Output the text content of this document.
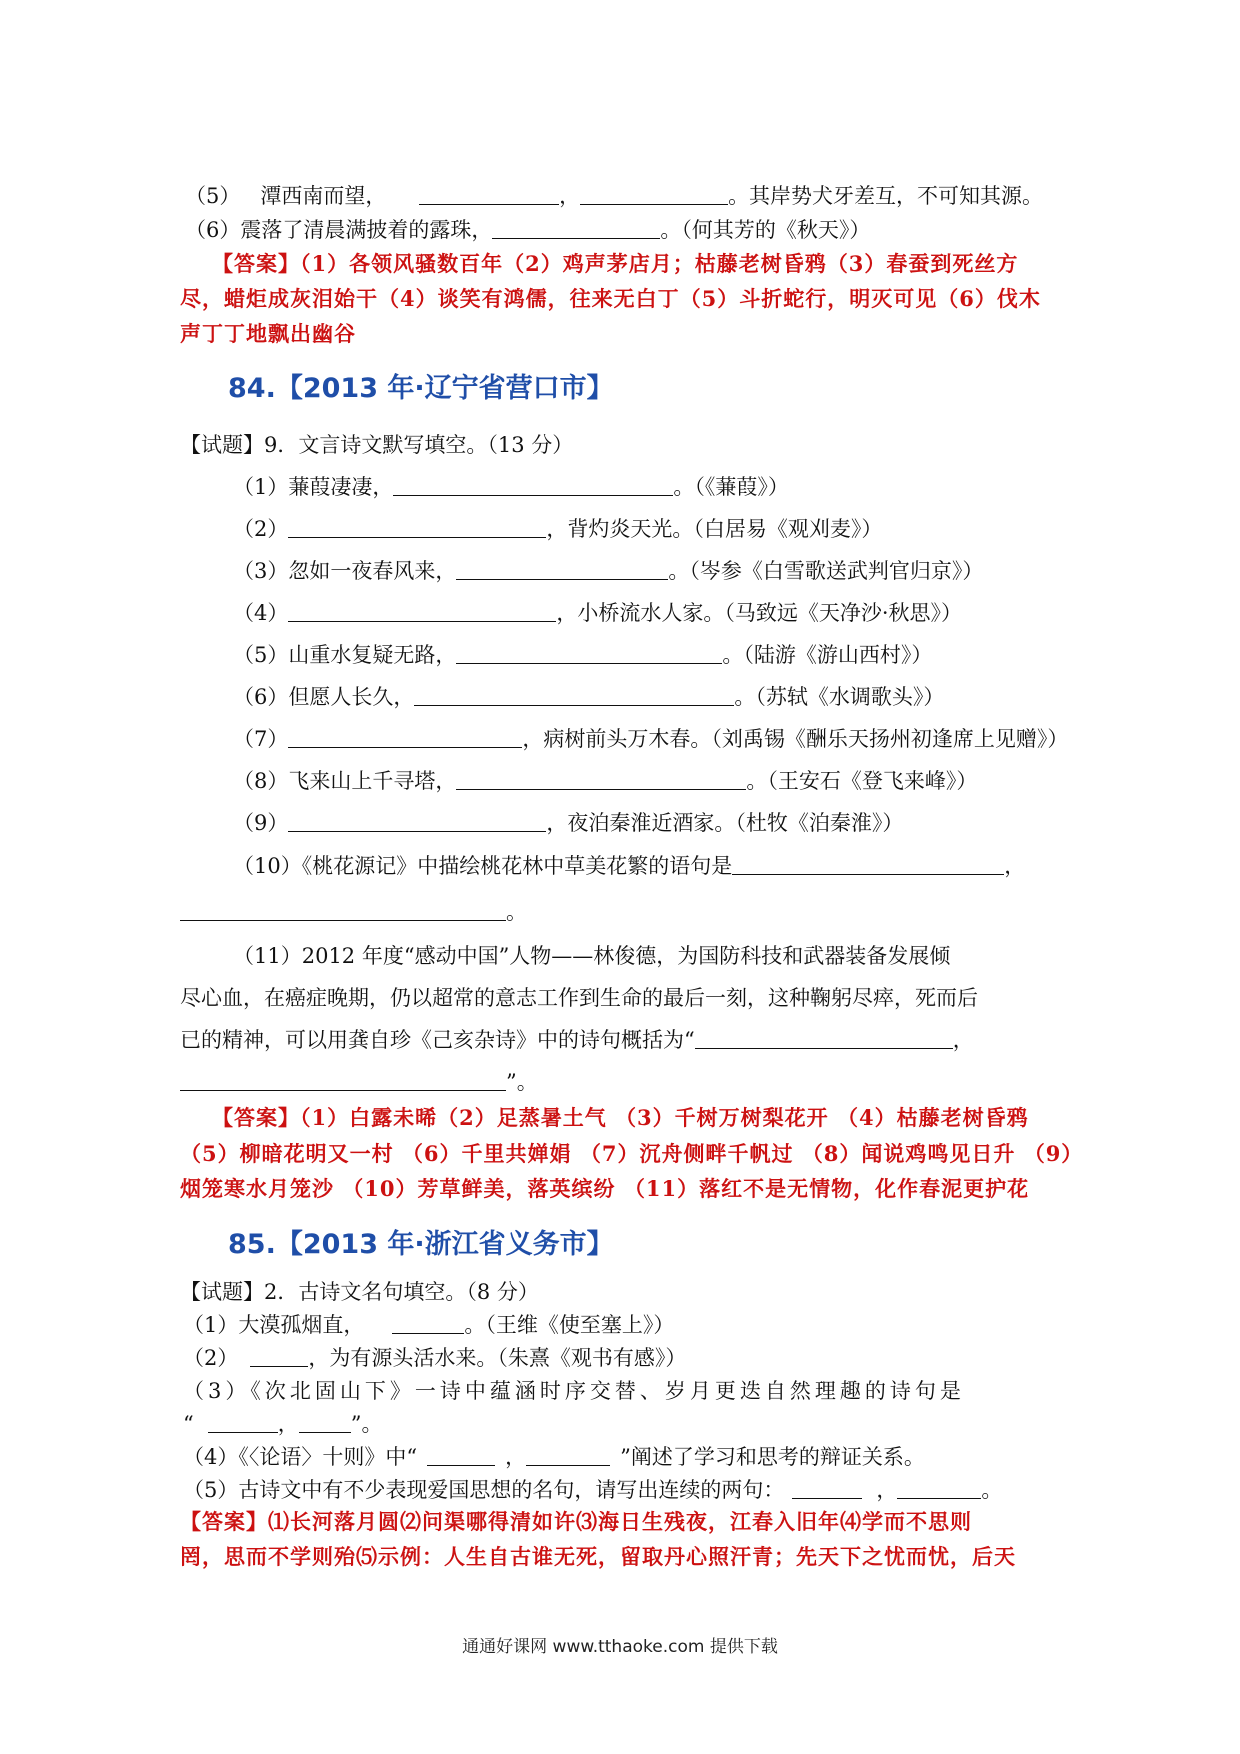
（5） 潭西南而望，	，	。其岸势犬牙差互，不可知其源。
（6）震落了清晨满披着的露珠，	。（何其芳的《秋天》）
【答案】（1）各领风骚数百年（2）鸡声茅店月；枯藤老树昏鸦（3）春蚕到死丝方
尽，蜡炬成灰泪始干（4）谈笑有鸿儒，往来无白丁（5）斗折蛇行，明灭可见（6）伐木
声丁丁地飘出幽谷
84.【2013 年·辽宁省营口市】
【试题】9．文言诗文默写填空。（13 分）
（1）蒹葭凄凄，	。（《蒹葭》）
（2）	，背灼炎天光。（白居易《观刈麦》）
（3）忽如一夜春风来，	。（岑参《白雪歌送武判官归京》）
（4）	，小桥流水人家。（马致远《天净沙·秋思》）
（5）山重水复疑无路，	。（陆游《游山西村》）
（6）但愿人长久，	。（苏轼《水调歌头》）
（7）	，病树前头万木春。（刘禹锡《酬乐天扬州初逢席上见赠》）
（8）飞来山上千寻塔，	。（王安石《登飞来峰》）
（9）	，夜泊秦淮近酒家。（杜牧《泊秦淮》）
（10）《桃花源记》中描绘桃花林中草美花繁的语句是	，
。
（11）2012 年度“感动中国”人物——林俊德，为国防科技和武器装备发展倾
尽心血，在癌症晚期，仍以超常的意志工作到生命的最后一刻，这种鞠躬尽瘁，死而后
已的精神，可以用龚自珍《己亥杂诗》中的诗句概括为“	，
”。
【答案】（1）白露未晞（2）足蒸暑土气 （3）千树万树梨花开 （4）枯藤老树昏鸦
（5）柳暗花明又一村 （6）千里共婵娟 （7）沉舟侧畔千帆过 （8）闻说鸡鸣见日升 （9）
烟笼寒水月笼沙 （10）芳草鲜美，落英缤纷 （11）落红不是无情物，化作春泥更护花
85.【2013 年·浙江省义务市】
【试题】2．古诗文名句填空。（8 分）
（1）大漠孤烟直，	。（王维《使至塞上》）
（2）	，为有源头活水来。（朱熹《观书有感》）
（3）《次北固山下》一诗中蕴涵时序交替、岁月更迭自然理趣的诗句是
“	， ”。
（4）《〈论语〉十则》中“	，	”阐述了学习和思考的辩证关系。
（5）古诗文中有不少表现爱国思想的名句，请写出连续的两句：	，	。
【答案】⑴长河落月圆⑵问渠哪得清如许⑶海日生残夜，江春入旧年⑷学而不思则
罔，思而不学则殆⑸示例：人生自古谁无死，留取丹心照汗青；先天下之忧而忧，后天
通通好课网 www.tthaoke.com 提供下载
